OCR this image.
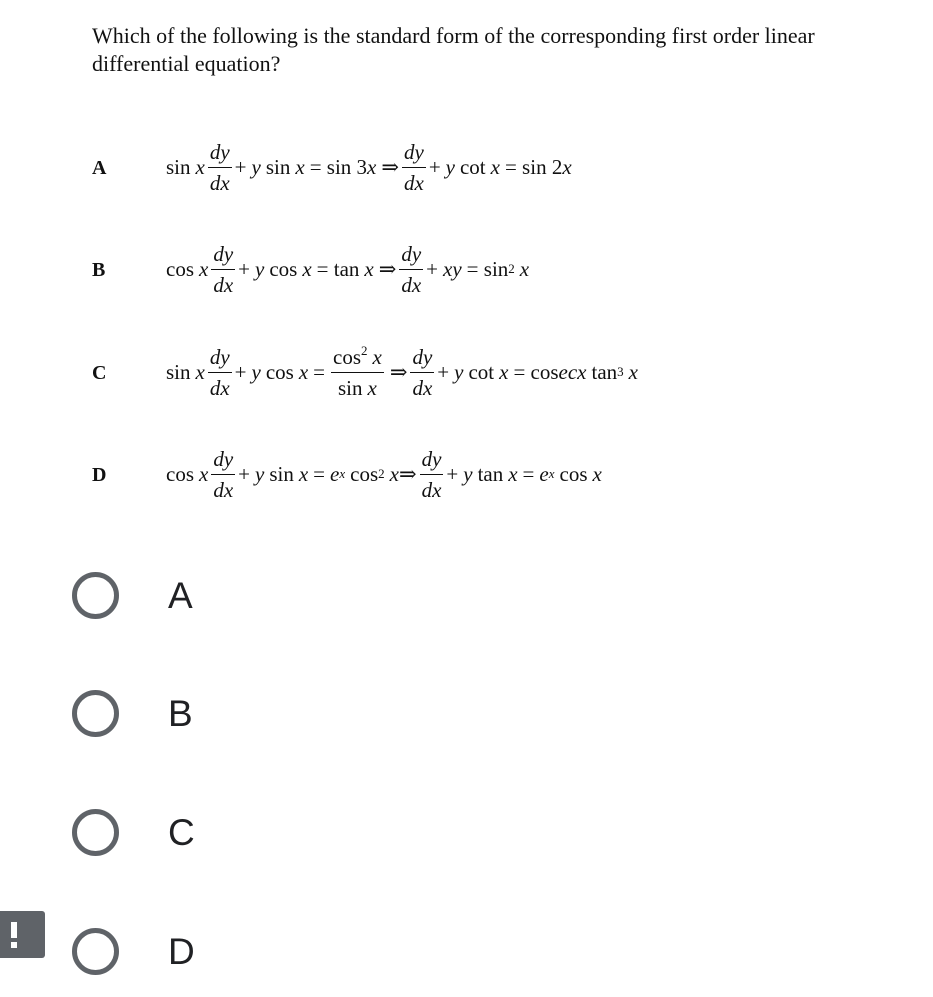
Which of the following is the standard form of the corresponding first order linear differential equation?
A	sin x $\frac{dy}{dx} + y$ sin x = sin 3 x ⇒ $\frac{dy}{dx} + y$ cot x = sin 2 x
B	cos x $\frac{dy}{dx} + y$ cos x = tan x ⇒ $\frac{dy}{dx}$ + xy = sin 2 x
C	sin x $\frac{dy}{dx} + y$ $\cos x = \frac{\cos^2 x}{\text{sin x}}$ ⇒ $\frac{dy}{dx} + y$ cot x = cos ecx tan 3 x
D	cos x $\frac{dy}{dx} + y$ sin x = e x cos 2 x ⇒ $\frac{dy}{dx} + y$ tan x = e x cos x
A
B
C
D
